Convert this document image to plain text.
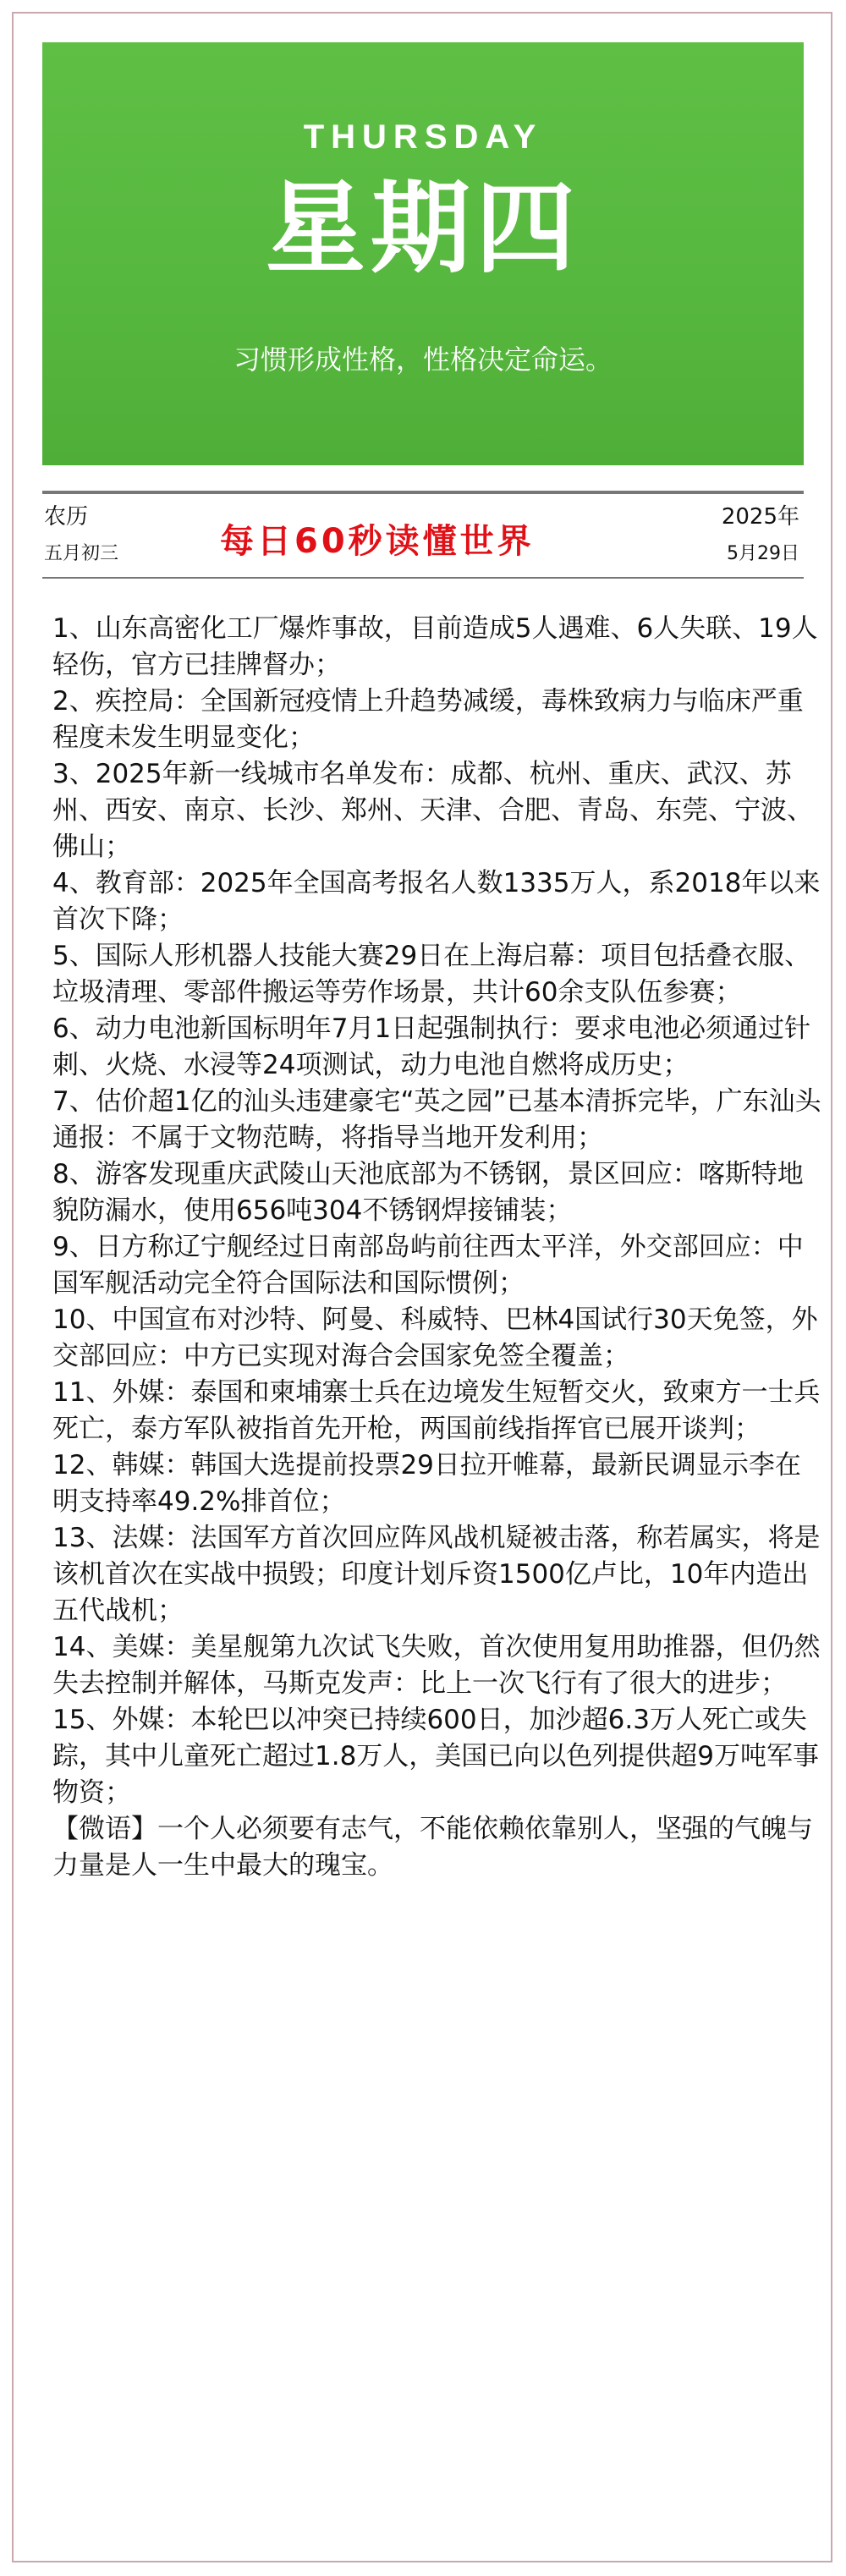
THURSDAY
星期四
习惯形成性格，性格决定命运。
农历
五月初三	每日60秒读懂世界
2025年
5月29日

1、山东高密化工厂爆炸事故，目前造成5人遇难、6人失联、19人轻伤，官方已挂牌督办；

2、疾控局：全国新冠疫情上升趋势减缓，毒株致病力与临床严重程度未发生明显变化；

3、2025年新一线城市名单发布：成都、杭州、重庆、武汉、苏州、西安、南京、长沙、郑州、天津、合肥、青岛、东莞、宁波、佛山；

4、教育部：2025年全国高考报名人数1335万人，系2018年以来首次下降；

5、国际人形机器人技能大赛29日在上海启幕：项目包括叠衣服、垃圾清理、零部件搬运等劳作场景，共计60余支队伍参赛；

6、动力电池新国标明年7月1日起强制执行：要求电池必须通过针刺、火烧、水浸等24项测试，动力电池自燃将成历史；

7、估价超1亿的汕头违建豪宅“英之园”已基本清拆完毕，广东汕头通报：不属于文物范畴，将指导当地开发利用；

8、游客发现重庆武陵山天池底部为不锈钢，景区回应：喀斯特地貌防漏水，使用656吨304不锈钢焊接铺装；

9、日方称辽宁舰经过日南部岛屿前往西太平洋，外交部回应：中国军舰活动完全符合国际法和国际惯例；

10、中国宣布对沙特、阿曼、科威特、巴林4国试行30天免签，外交部回应：中方已实现对海合会国家免签全覆盖；

11、外媒：泰国和柬埔寨士兵在边境发生短暂交火，致柬方一士兵死亡，泰方军队被指首先开枪，两国前线指挥官已展开谈判；

12、韩媒：韩国大选提前投票29日拉开帷幕，最新民调显示李在明支持率49.2%排首位；

13、法媒：法国军方首次回应阵风战机疑被击落，称若属实，将是该机首次在实战中损毁；印度计划斥资1500亿卢比，10年内造出五代战机；

14、美媒：美星舰第九次试飞失败，首次使用复用助推器，但仍然失去控制并解体，马斯克发声：比上一次飞行有了很大的进步；

15、外媒：本轮巴以冲突已持续600日，加沙超6.3万人死亡或失踪，其中儿童死亡超过1.8万人，美国已向以色列提供超9万吨军事物资；

【微语】一个人必须要有志气，不能依赖依靠别人，坚强的气魄与力量是人一生中最大的瑰宝。
